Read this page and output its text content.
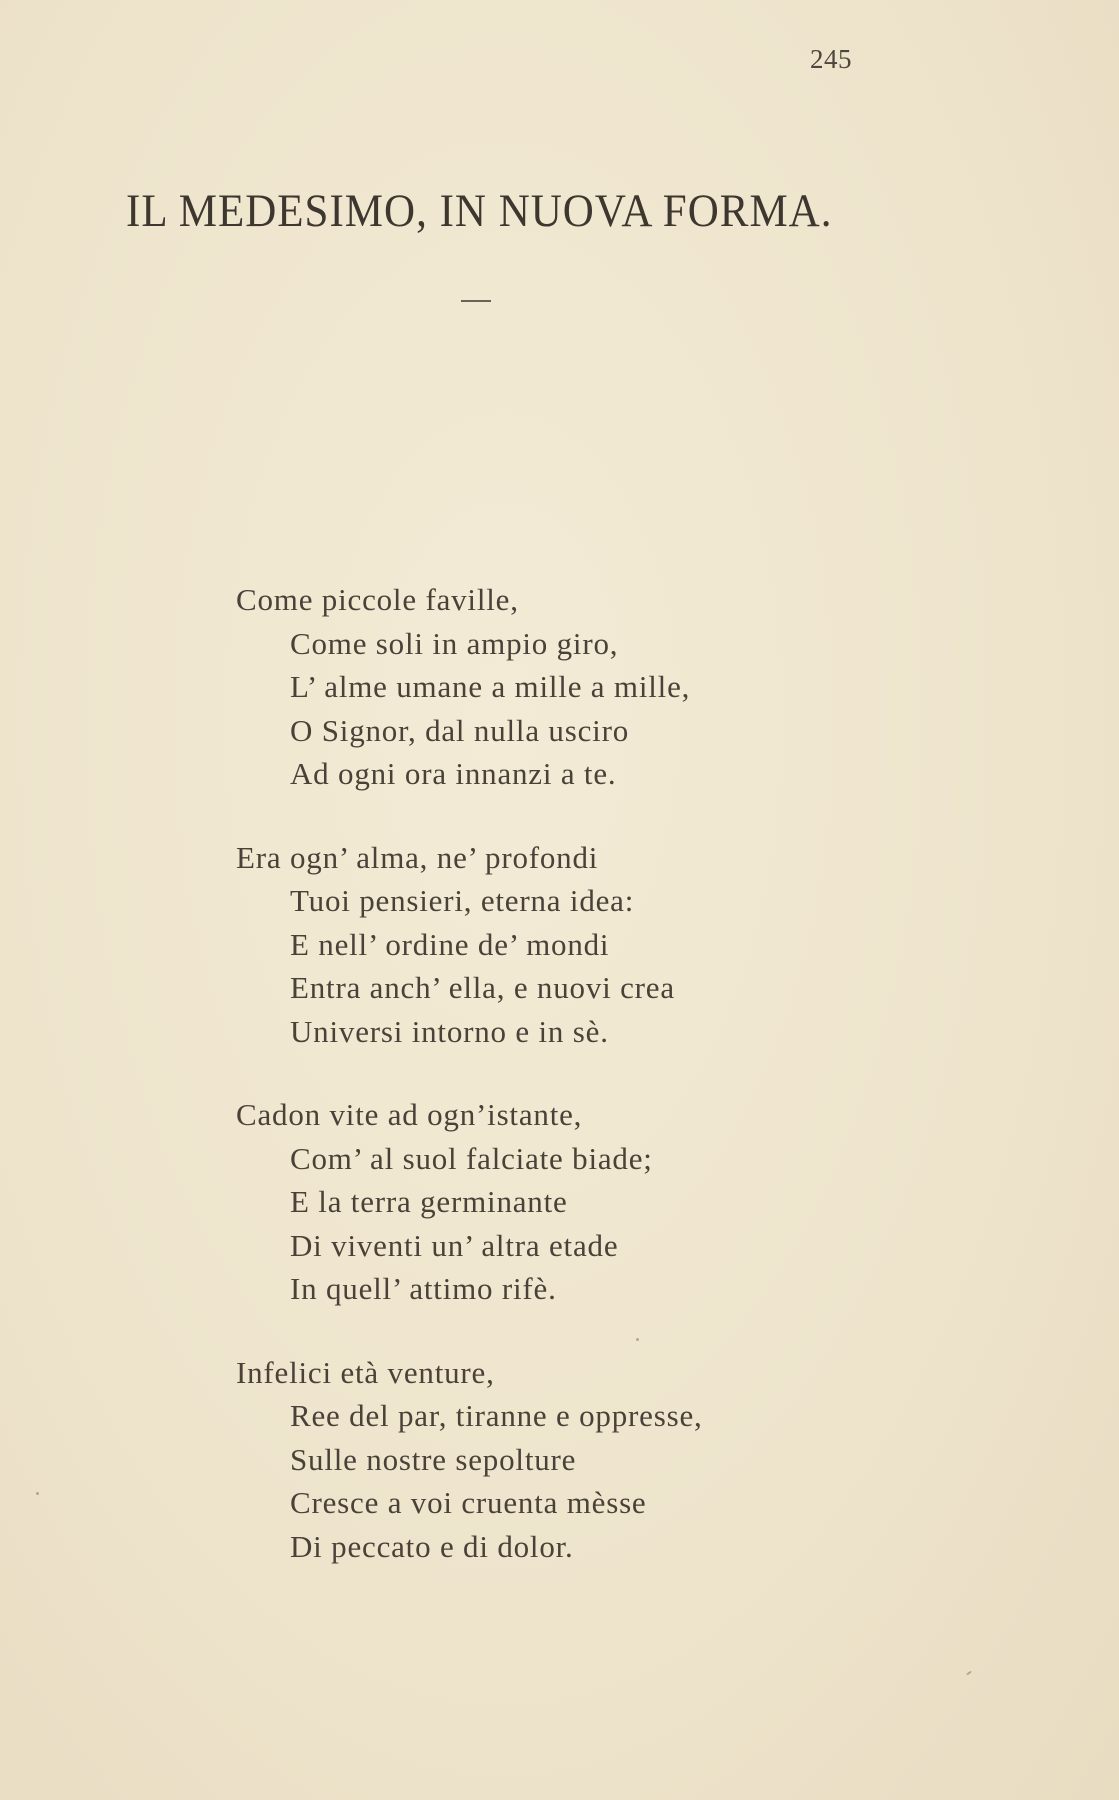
245
IL MEDESIMO, IN NUOVA FORMA.
Come piccole faville,
Come soli in ampio giro,
L’ alme umane a mille a mille,
O Signor, dal nulla usciro
Ad ogni ora innanzi a te.
Era ogn’ alma, ne’ profondi
Tuoi pensieri, eterna idea:
E nell’ ordine de’ mondi
Entra anch’ ella, e nuovi crea
Universi intorno e in sè.
Cadon vite ad ogn’istante,
Com’ al suol falciate biade;
E la terra germinante
Di viventi un’ altra etade
In quell’ attimo rifè.
Infelici età venture,
Ree del par, tiranne e oppresse,
Sulle nostre sepolture
Cresce a voi cruenta mèsse
Di peccato e di dolor.
